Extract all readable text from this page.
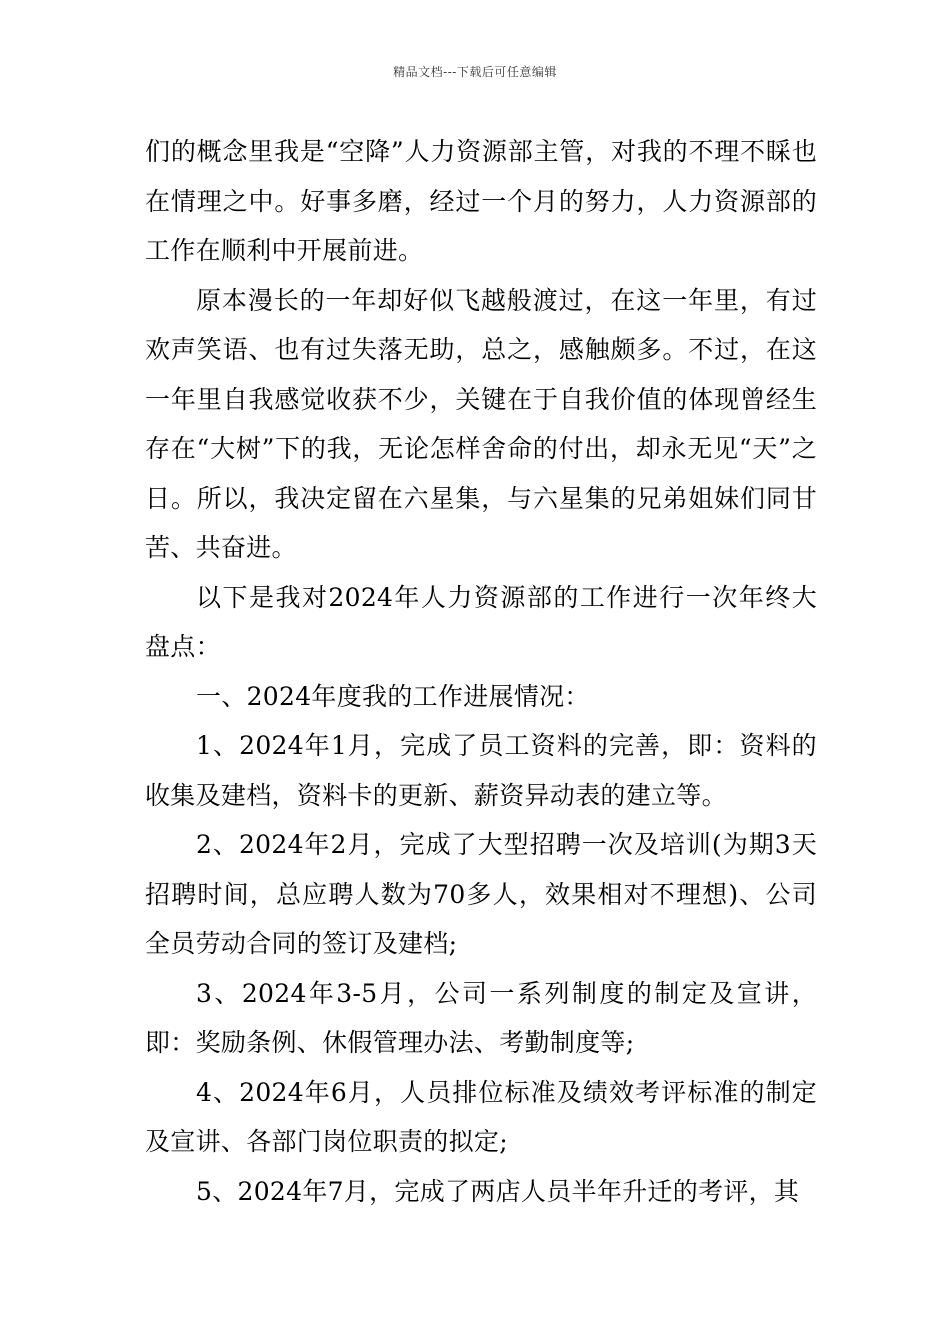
精品文档---下载后可任意编辑

们的概念里我是“空降”人力资源部主管，对我的不理不睬也在情理之中。好事多磨，经过一个月的努力，人力资源部的工作在顺利中开展前进。

原本漫长的一年却好似飞越般渡过，在这一年里，有过欢声笑语、也有过失落无助，总之，感触颇多。不过，在这一年里自我感觉收获不少，关键在于自我价值的体现曾经生存在“大树”下的我，无论怎样舍命的付出，却永无见“天”之日。所以，我决定留在六星集，与六星集的兄弟姐妹们同甘苦、共奋进。

以下是我对2024年人力资源部的工作进行一次年终大盘点：

一、2024年度我的工作进展情况：

1、2024年1月，完成了员工资料的完善，即：资料的收集及建档，资料卡的更新、薪资异动表的建立等。

2、2024年2月，完成了大型招聘一次及培训(为期3天招聘时间，总应聘人数为70多人，效果相对不理想)、公司全员劳动合同的签订及建档;

3、2024年3-5月，公司一系列制度的制定及宣讲，即：奖励条例、休假管理办法、考勤制度等;

4、2024年6月，人员排位标准及绩效考评标准的制定及宣讲、各部门岗位职责的拟定;

5、2024年7月，完成了两店人员半年升迁的考评，其
